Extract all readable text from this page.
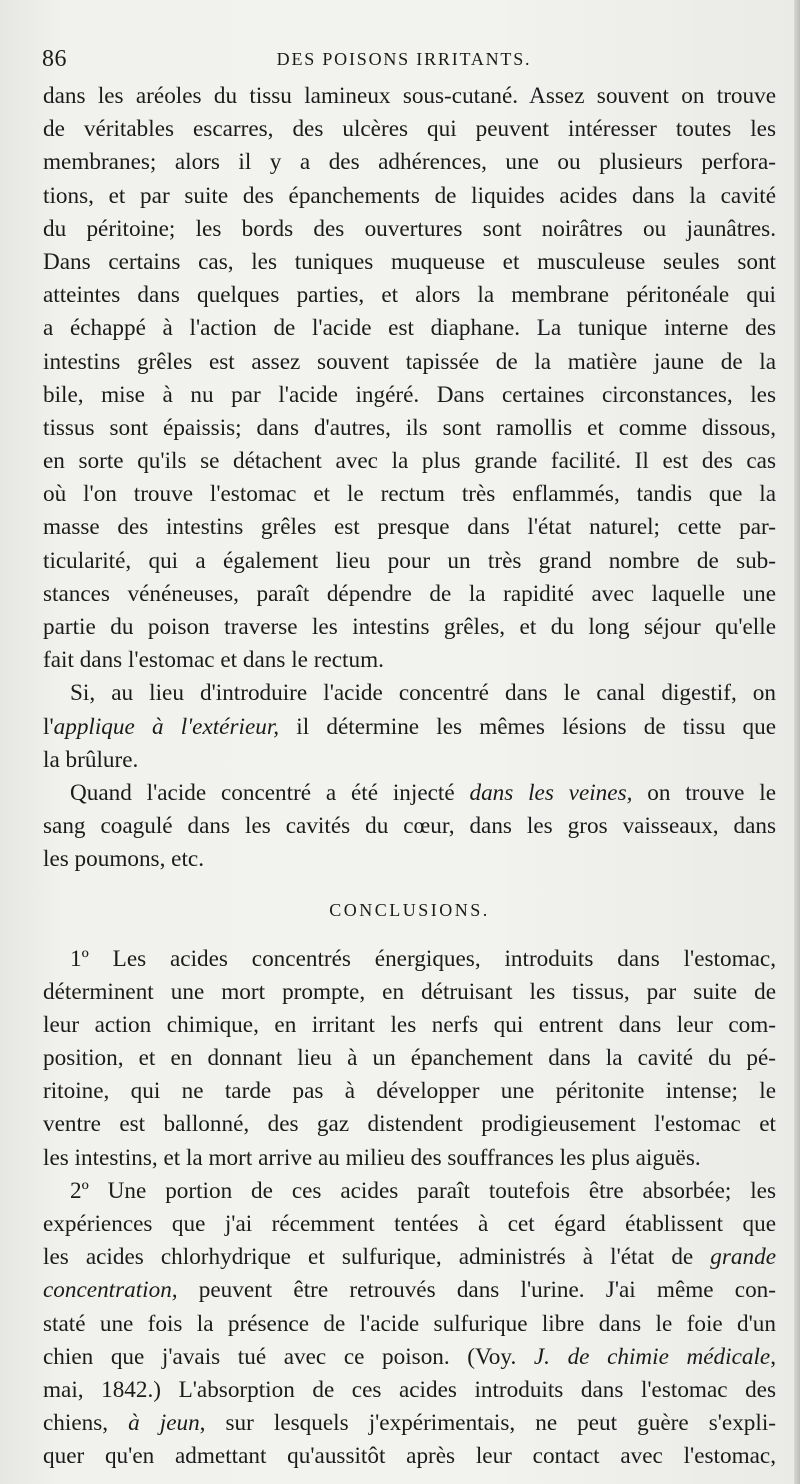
86	DES POISONS IRRITANTS.
dans les aréoles du tissu lamineux sous-cutané. Assez souvent on trouve
de véritables escarres, des ulcères qui peuvent intéresser toutes les
membranes; alors il y a des adhérences, une ou plusieurs perfora-
tions, et par suite des épanchements de liquides acides dans la cavité
du péritoine; les bords des ouvertures sont noirâtres ou jaunâtres.
Dans certains cas, les tuniques muqueuse et musculeuse seules sont
atteintes dans quelques parties, et alors la membrane péritonéale qui
a échappé à l'action de l'acide est diaphane. La tunique interne des
intestins grêles est assez souvent tapissée de la matière jaune de la
bile, mise à nu par l'acide ingéré. Dans certaines circonstances, les
tissus sont épaissis; dans d'autres, ils sont ramollis et comme dissous,
en sorte qu'ils se détachent avec la plus grande facilité. Il est des cas
où l'on trouve l'estomac et le rectum très enflammés, tandis que la
masse des intestins grêles est presque dans l'état naturel; cette par-
ticularité, qui a également lieu pour un très grand nombre de sub-
stances vénéneuses, paraît dépendre de la rapidité avec laquelle une
partie du poison traverse les intestins grêles, et du long séjour qu'elle
fait dans l'estomac et dans le rectum.
Si, au lieu d'introduire l'acide concentré dans le canal digestif, on
l'applique à l'extérieur, il détermine les mêmes lésions de tissu que
la brûlure.
Quand l'acide concentré a été injecté dans les veines, on trouve le
sang coagulé dans les cavités du cœur, dans les gros vaisseaux, dans
les poumons, etc.
CONCLUSIONS.
1º Les acides concentrés énergiques, introduits dans l'estomac,
déterminent une mort prompte, en détruisant les tissus, par suite de
leur action chimique, en irritant les nerfs qui entrent dans leur com-
position, et en donnant lieu à un épanchement dans la cavité du pé-
ritoine, qui ne tarde pas à développer une péritonite intense; le
ventre est ballonné, des gaz distendent prodigieusement l'estomac et
les intestins, et la mort arrive au milieu des souffrances les plus aiguës.
2º Une portion de ces acides paraît toutefois être absorbée; les
expériences que j'ai récemment tentées à cet égard établissent que
les acides chlorhydrique et sulfurique, administrés à l'état de grande
concentration, peuvent être retrouvés dans l'urine. J'ai même con-
staté une fois la présence de l'acide sulfurique libre dans le foie d'un
chien que j'avais tué avec ce poison. (Voy. J. de chimie médicale,
mai, 1842.) L'absorption de ces acides introduits dans l'estomac des
chiens, à jeun, sur lesquels j'expérimentais, ne peut guère s'expli-
quer qu'en admettant qu'aussitôt après leur contact avec l'estomac,
